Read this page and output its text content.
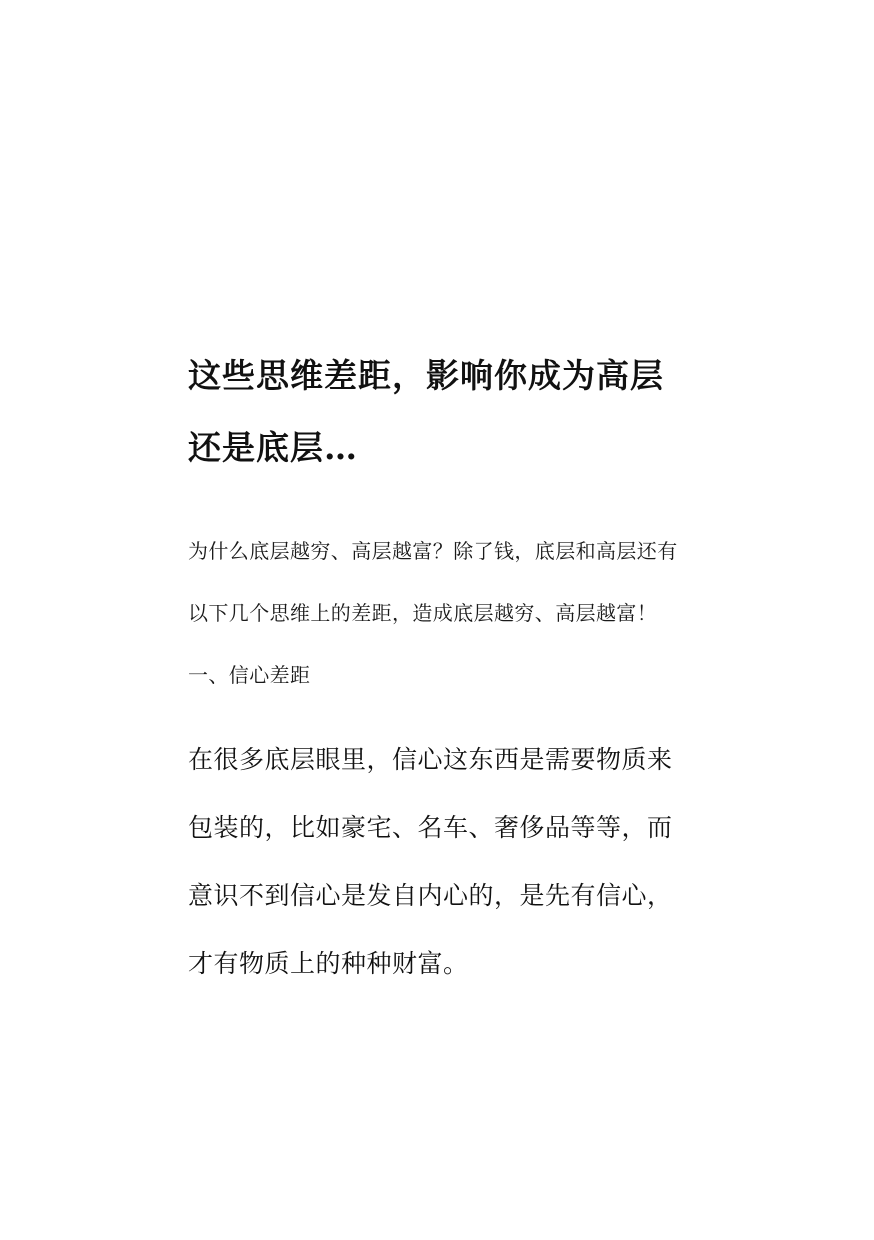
这些思维差距，影响你成为高层还是底层…

为什么底层越穷、高层越富？除了钱，底层和高层还有以下几个思维上的差距，造成底层越穷、高层越富！

一、信心差距

在很多底层眼里，信心这东西是需要物质来包装的，比如豪宅、名车、奢侈品等等，而意识不到信心是发自内心的，是先有信心，才有物质上的种种财富。
